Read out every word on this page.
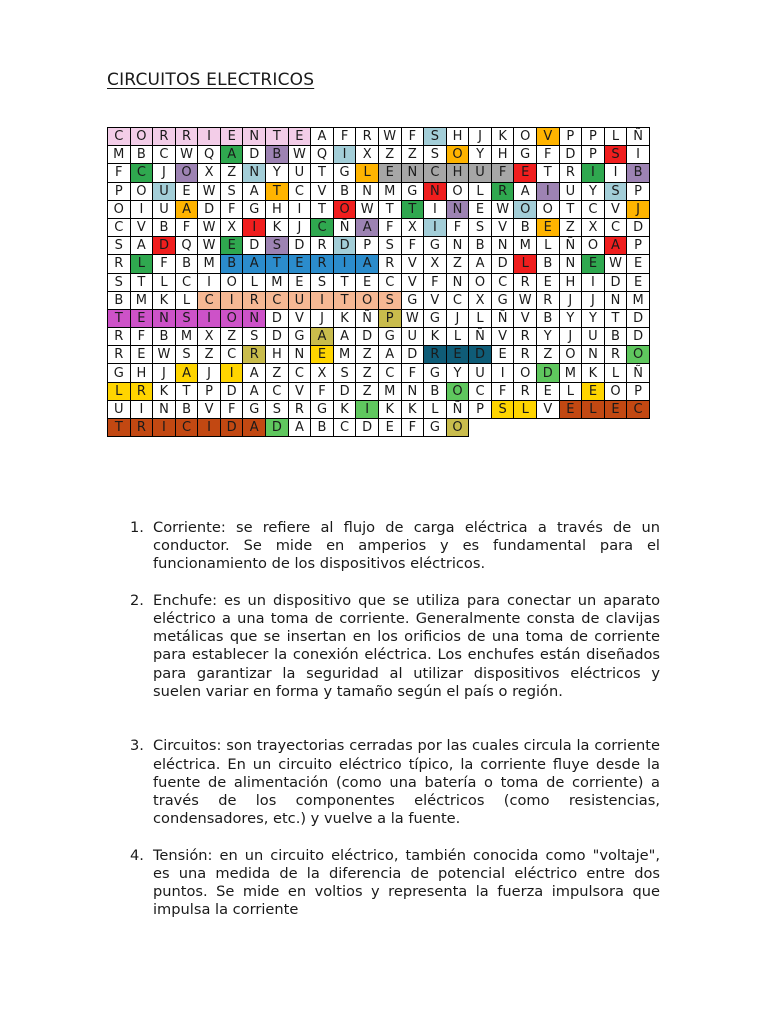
CIRCUITOS ELECTRICOS
C O R	R	I	E	N	T	E	A	F	R W F	S	H	J	K	O	V	P	P	L	Ñ
M B	C W Q	A	D	B W Q	I	X	Z	Z	S	O	Y	H G	F	D	P	S	I
F	C	J	O	X	Z	N	Y	U	T	G	L	E	N	C	H U	F	E	T	R	I	I	B
P	O U	E W S	A	T	C	V	B	N M G N O	L	R	A	I	U	Y	S	P
O	I	U	A	D	F	G H	I	T	O W T	T	I	N	E W O O	T	C	V	J
C	V	B	F W X	I	K	J	C	Ñ	A	F	X	I	F	S	V	B	E	Z	X	C	D
S	A	D Q W E	D	S	D	R	D	P	S	F	G N	B	N M	L	Ñ O	A	P
R	L	F	B M B	A	T	E	R	I	A	R	V	X	Z	A	D	L	B	N	E W E
S	T	L	C	I	O	L	M E	S	T	E	C	V	F	N O C	R	E	H	I	D	E
B M K	L	C	I	R	C	U	I	T	O	S	G	V	C	X	G W R	J	J	N M
T	E	N	S	I	O N D	V	J	K	Ñ	P W G	J	L	Ñ	V	B	Y	Y	T	D
R	F	B M X	Z	S	D G	A	A	D G U	K	L	Ñ	V	R	Y	J	U	B	D
R	E W S	Z	C	R	H N	E M Z	A	D	R	E	D	E	R	Z	O N	R O
G H	J	A	J	I	A	Z	C	X	S	Z	C	F	G	Y	U	I	O D M K	L	Ñ
L	R	K	T	P	D	A	C	V	F	D	Z M N	B	O C	F	R	E	L	E	O	P
U	I	N	B	V	F	G	S	R	G	K	I	K	K	L	Ñ	P	S	L	V	E	L	E	C
T	R	I	C	I	D	A	D	A	B	C	D	E	F	G O
1. Corriente: se refiere al flujo de carga eléctrica a través de un conductor. Se mide en amperios y es fundamental para el funcionamiento de los dispositivos eléctricos.
2. Enchufe: es un dispositivo que se utiliza para conectar un aparato eléctrico a una toma de corriente. Generalmente consta de clavijas metálicas que se insertan en los orificios de una toma de corriente para establecer la conexión eléctrica. Los enchufes están diseñados para garantizar la seguridad al utilizar dispositivos eléctricos y suelen variar en forma y tamaño según el país o región.
3. Circuitos: son trayectorias cerradas por las cuales circula la corriente eléctrica. En un circuito eléctrico típico, la corriente fluye desde la fuente de alimentación (como una batería o toma de corriente) a través de los componentes eléctricos (como resistencias, condensadores, etc.) y vuelve a la fuente.
4. Tensión: en un circuito eléctrico, también conocida como "voltaje", es una medida de la diferencia de potencial eléctrico entre dos puntos. Se mide en voltios y representa la fuerza impulsora que impulsa la corriente
